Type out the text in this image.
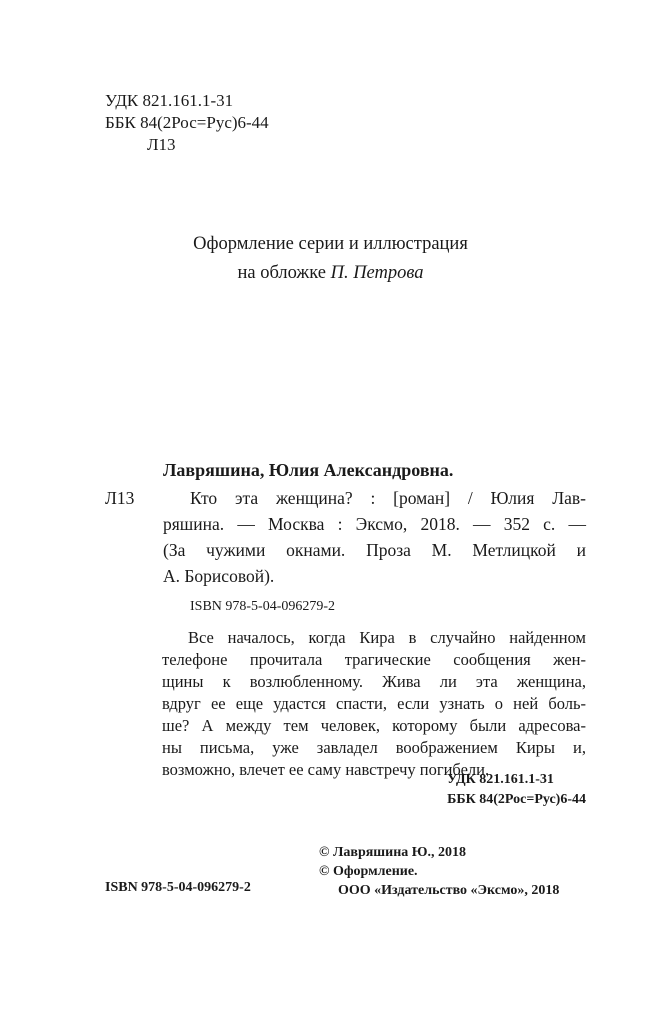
УДК 821.161.1-31
ББК 84(2Рос=Рус)6-44
Л13
Оформление серии и иллюстрация
на обложке П. Петрова
Лавряшина, Юлия Александровна.
Л13	Кто эта женщина? : [роман] / Юлия Лав-
ряшина. — Москва : Эксмо, 2018. — 352 с. —
(За чужими окнами. Проза М. Метлицкой и
А. Борисовой).
ISBN 978-5-04-096279-2
Все началось, когда Кира в случайно найденном
телефоне прочитала трагические сообщения жен-
щины к возлюбленному. Жива ли эта женщина,
вдруг ее еще удастся спасти, если узнать о ней боль-
ше? А между тем человек, которому были адресова-
ны письма, уже завладел воображением Киры и,
возможно, влечет ее саму навстречу погибели.
УДК 821.161.1-31
ББК 84(2Рос=Рус)6-44
© Лавряшина Ю., 2018
© Оформление.
ООО «Издательство «Эксмо», 2018
ISBN 978-5-04-096279-2
